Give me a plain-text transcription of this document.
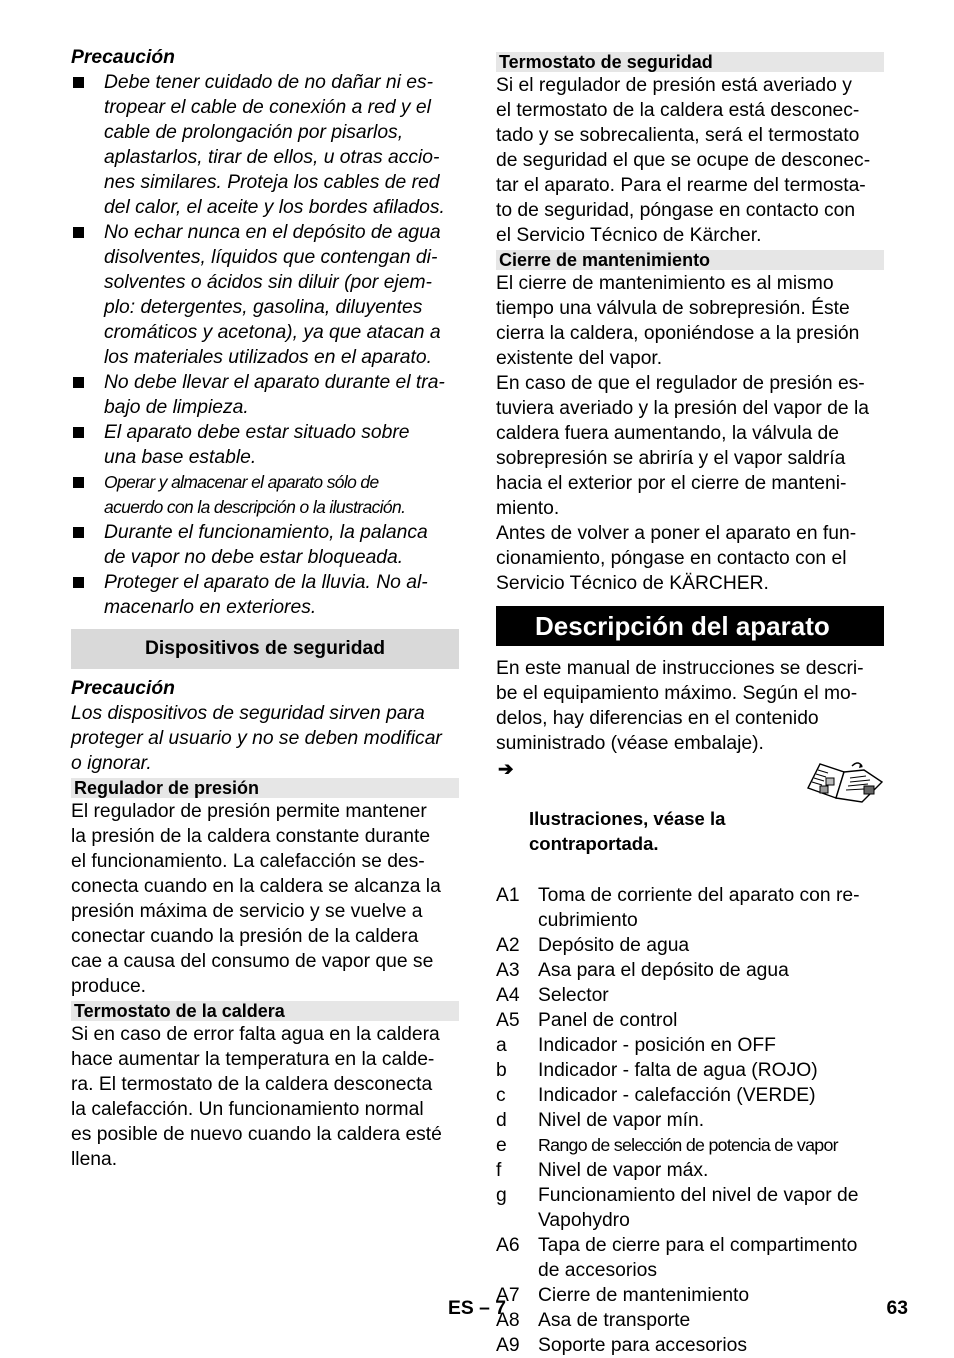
Precaución
Debe tener cuidado de no dañar ni es-
tropear el cable de conexión a red y el
cable de prolongación por pisarlos,
aplastarlos, tirar de ellos, u otras accio-
nes similares. Proteja los cables de red
del calor, el aceite y los bordes afilados.
No echar nunca en el depósito de agua
disolventes, líquidos que contengan di-
solventes o ácidos sin diluir (por ejem-
plo: detergentes, gasolina, diluyentes
cromáticos y acetona), ya que atacan a
los materiales utilizados en el aparato.
No debe llevar el aparato durante el tra-
bajo de limpieza.
El aparato debe estar situado sobre
una base estable.
Operar y almacenar el aparato sólo de
acuerdo con la descripción o la ilustración.
Durante el funcionamiento, la palanca
de vapor no debe estar bloqueada.
Proteger el aparato de la lluvia. No al-
macenarlo en exteriores.
Dispositivos de seguridad
Precaución

Los dispositivos de seguridad sirven para
proteger al usuario y no se deben modificar
o ignorar.

Regulador de presión

El regulador de presión permite mantener
la presión de la caldera constante durante
el funcionamiento. La calefacción se des-
conecta cuando en la caldera se alcanza la
presión máxima de servicio y se vuelve a
conectar cuando la presión de la caldera
cae a causa del consumo de vapor que se
produce.

Termostato de la caldera

Si en caso de error falta agua en la caldera
hace aumentar la temperatura en la calde-
ra. El termostato de la caldera desconecta
la calefacción. Un funcionamiento normal
es posible de nuevo cuando la caldera esté
llena.

Termostato de seguridad

Si el regulador de presión está averiado y
el termostato de la caldera está desconec-
tado y se sobrecalienta, será el termostato
de seguridad el que se ocupe de desconec-
tar el aparato. Para el rearme del termosta-
to de seguridad, póngase en contacto con
el Servicio Técnico de Kärcher.

Cierre de mantenimiento

El cierre de mantenimiento es al mismo
tiempo una válvula de sobrepresión. Éste
cierra la caldera, oponiéndose a la presión
existente del vapor.

En caso de que el regulador de presión es-
tuviera averiado y la presión del vapor de la
caldera fuera aumentando, la válvula de
sobrepresión se abriría y el vapor saldría
hacia el exterior por el cierre de manteni-
miento.

Antes de volver a poner el aparato en fun-
cionamiento, póngase en contacto con el
Servicio Técnico de KÄRCHER.

Descripción del aparato

En este manual de instrucciones se descri-
be el equipamiento máximo. Según el mo-
delos, hay diferencias en el contenido
suministrado (véase embalaje).

➔

Ilustraciones, véase la
contraportada.

A1 Toma de corriente del aparato con re-
cubrimiento
A2 Depósito de agua
A3 Asa para el depósito de agua
A4 Selector
A5 Panel de control
a Indicador - posición en OFF
b Indicador - falta de agua (ROJO)
c Indicador - calefacción (VERDE)
d Nivel de vapor mín.
e Rango de selección de potencia de vapor
f Nivel de vapor máx.
g Funcionamiento del nivel de vapor de
Vapohydro
A6 Tapa de cierre para el compartimento
de accesorios
A7 Cierre de mantenimiento
A8 Asa de transporte
A9 Soporte para accesorios
ES – 7	63
